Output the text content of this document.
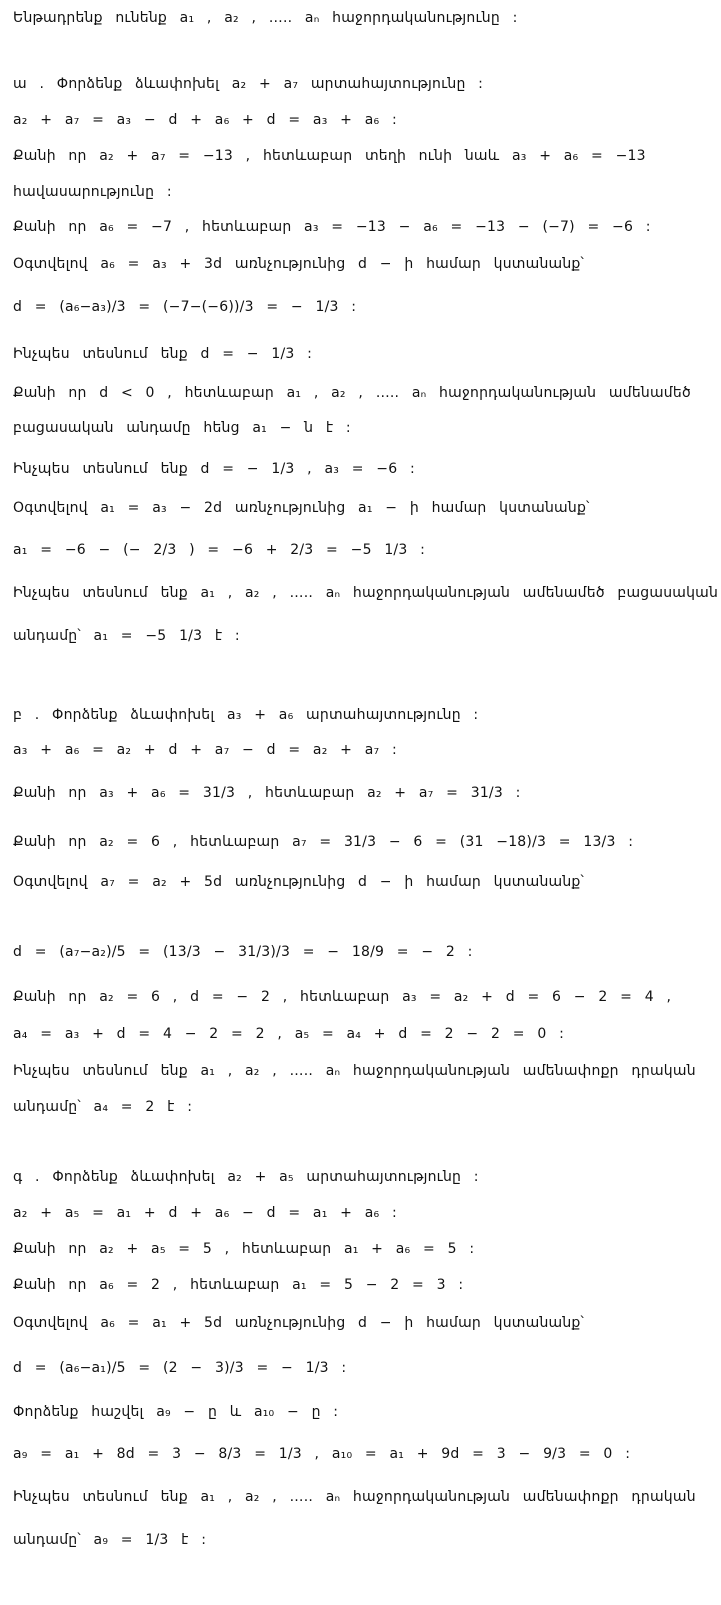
Ենթադրենք ունենք a₁ , a₂ , ….. aₙ հաջորդականությունը :
ա . Փորձենք ձևափոխել a₂ + a₇ արտահայտությունը :
a₂ + a₇ = a₃ − d + a₆ + d = a₃ + a₆ :
Քանի որ a₂ + a₇ = −13 , հետևաբար տեղի ունի նաև a₃ + a₆ = −13
հավասարությունը :
Քանի որ a₆ = −7 , հետևաբար a₃ = −13 − a₆ = −13 − (−7) = −6 :
Օգտվելով a₆ = a₃ + 3d առնչությունից d − ի համար կստանանք՝
d = (a₆−a₃)/3 = (−7−(−6))/3 = − 1/3 :
Ինչպես տեսնում ենք d = − 1/3 :
Քանի որ d < 0 , հետևաբար a₁ , a₂ , ….. aₙ հաջորդականության ամենամեծ
բացասական անդամը հենց a₁ − ն է :
Ինչպես տեսնում ենք d = − 1/3 , a₃ = −6 :
Օգտվելով a₁ = a₃ − 2d առնչությունից a₁ − ի համար կստանանք՝
a₁ = −6 − (− 2/3 ) = −6 + 2/3 = −5 1/3 :
Ինչպես տեսնում ենք a₁ , a₂ , ….. aₙ հաջորդականության ամենամեծ բացասական
անդամը՝ a₁ = −5 1/3 է :
բ . Փորձենք ձևափոխել a₃ + a₆ արտահայտությունը :
a₃ + a₆ = a₂ + d + a₇ − d = a₂ + a₇ :
Քանի որ a₃ + a₆ = 31/3 , հետևաբար a₂ + a₇ = 31/3 :
Քանի որ a₂ = 6 , հետևաբար a₇ = 31/3 − 6 = (31 −18)/3 = 13/3 :
Օգտվելով a₇ = a₂ + 5d առնչությունից d − ի համար կստանանք՝
d = (a₇−a₂)/5 = (13/3 − 31/3)/3 = − 18/9 = − 2 :
Քանի որ a₂ = 6 , d = − 2 , հետևաբար a₃ = a₂ + d = 6 − 2 = 4 ,
a₄ = a₃ + d = 4 − 2 = 2 , a₅ = a₄ + d = 2 − 2 = 0 :
Ինչպես տեսնում ենք a₁ , a₂ , ….. aₙ հաջորդականության ամենափոքր դրական
անդամը՝ a₄ = 2 է :
գ . Փորձենք ձևափոխել a₂ + a₅ արտահայտությունը :
a₂ + a₅ = a₁ + d + a₆ − d = a₁ + a₆ :
Քանի որ a₂ + a₅ = 5 , հետևաբար a₁ + a₆ = 5 :
Քանի որ a₆ = 2 , հետևաբար a₁ = 5 − 2 = 3 :
Օգտվելով a₆ = a₁ + 5d առնչությունից d − ի համար կստանանք՝
d = (a₆−a₁)/5 = (2 − 3)/3 = − 1/3 :
Փորձենք հաշվել a₉ − ը և a₁₀ − ը :
a₉ = a₁ + 8d = 3 − 8/3 = 1/3 , a₁₀ = a₁ + 9d = 3 − 9/3 = 0 :
Ինչպես տեսնում ենք a₁ , a₂ , ….. aₙ հաջորդականության ամենափոքր դրական
անդամը՝ a₉ = 1/3 է :
